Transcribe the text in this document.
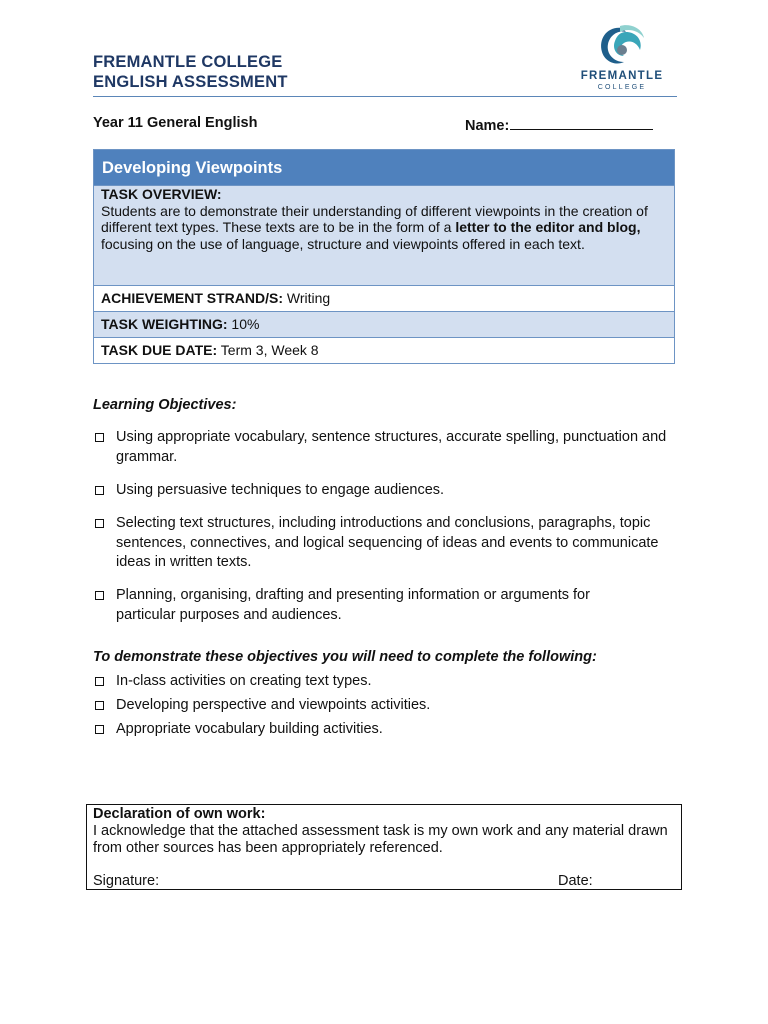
FREMANTLE COLLEGE
ENGLISH ASSESSMENT	FREMANTLE
COLLEGE
Year 11 General English	Name:
Developing Viewpoints
TASK OVERVIEW:
Students are to demonstrate their understanding of different viewpoints in the creation of different text types. These texts are to be in the form of a letter to the editor and blog, focusing on the use of language, structure and viewpoints offered in each text.
ACHIEVEMENT STRAND/S: Writing
TASK WEIGHTING: 10%
TASK DUE DATE: Term 3, Week 8
Learning Objectives:
Using appropriate vocabulary, sentence structures, accurate spelling, punctuation and grammar.
Using persuasive techniques to engage audiences.
Selecting text structures, including introductions and conclusions, paragraphs, topic sentences, connectives, and logical sequencing of ideas and events to communicate ideas in written texts.
Planning, organising, drafting and presenting information or arguments for particular purposes and audiences.
To demonstrate these objectives you will need to complete the following:
In-class activities on creating text types.
Developing perspective and viewpoints activities.
Appropriate vocabulary building activities.
Declaration of own work:
I acknowledge that the attached assessment task is my own work and any material drawn from other sources has been appropriately referenced.
Signature:	Date:
